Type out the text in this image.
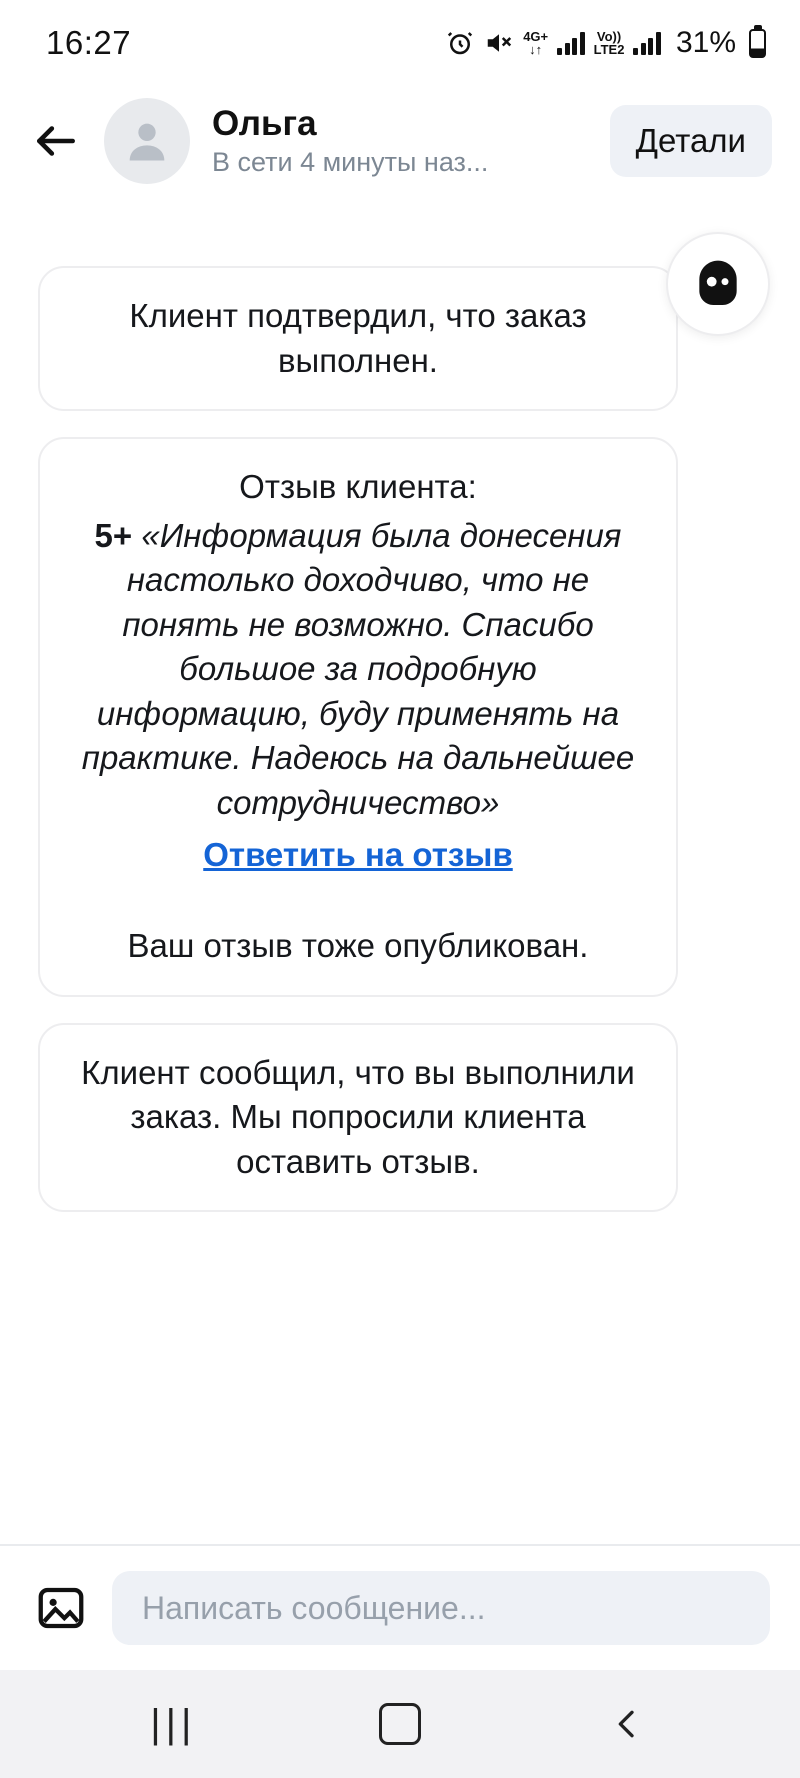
16:27	4G+
↓↑
Vo))
LTE2 31%
Ольга
В сети 4 минуты наз...
Детали
Клиент подтвердил, что заказ выполнен.
Отзыв клиента:
5+ «Информация была донесения настолько доходчиво, что не понять не возможно. Спасибо большое за подробную информацию, буду применять на практике. Надеюсь на дальнейшее сотрудничество»
Ответить на отзыв
Ваш отзыв тоже опубликован.
Клиент сообщил, что вы выполнили заказ. Мы попросили клиента оставить отзыв.
Написать сообщение...
|||
